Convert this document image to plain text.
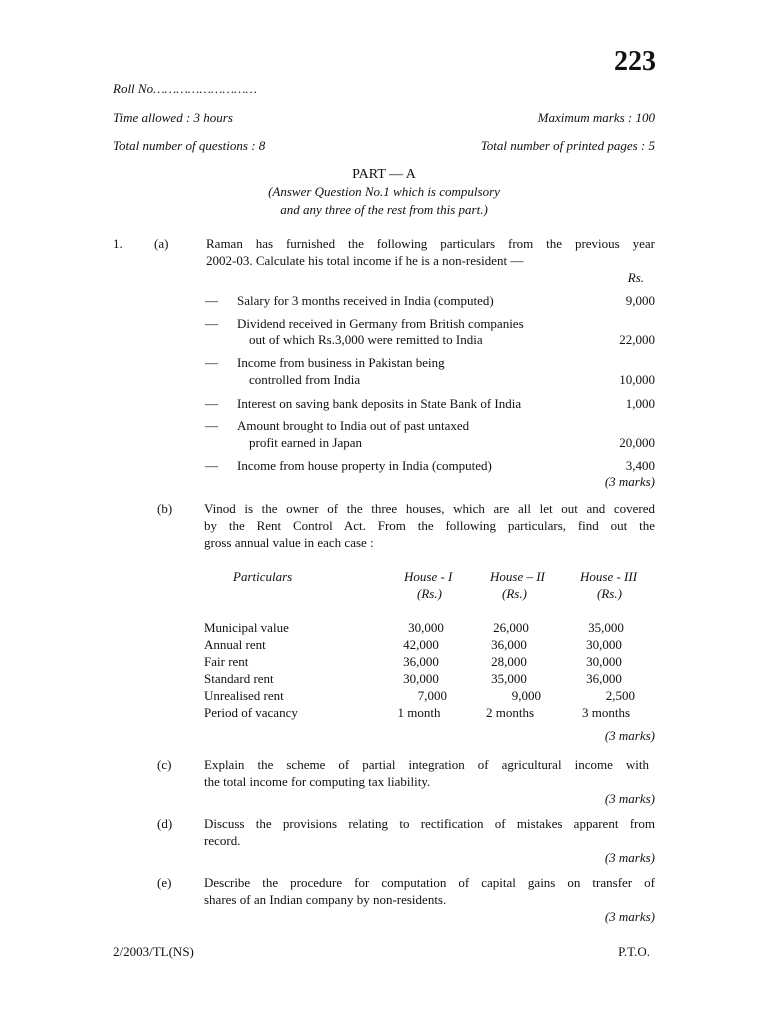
223
Roll No………………………
Time allowed : 3 hours	Maximum marks : 100
Total number of questions : 8	Total number of printed pages : 5
PART — A
(Answer Question No.1 which is compulsory
and any three of the rest from this part.)
1. (a)	Raman has furnished the following particulars from the previous year
2002-03. Calculate his total income if he is a non-resident —
Rs.
— Salary for 3 months received in India (computed)	9,000
— Dividend received in Germany from British companies
out of which Rs.3,000 were remitted to India	22,000
— Income from business in Pakistan being
controlled from India	10,000
— Interest on saving bank deposits in State Bank of India	1,000
— Amount brought to India out of past untaxed
profit earned in Japan	20,000
— Income from house property in India (computed)	3,400
(3 marks)
(b) Vinod is the owner of the three houses, which are all let out and covered
by the Rent Control Act. From the following particulars, find out the
gross annual value in each case :
Particulars	House - I	House – II	House - III
(Rs.)	(Rs.)	(Rs.)
Municipal value	30,000	26,000	35,000
Annual rent	42,000	36,000	30,000
Fair rent	36,000	28,000	30,000
Standard rent	30,000	35,000	36,000
Unrealised rent	7,000	9,000	2,500
Period of vacancy	1 month	2 months	3 months
(3 marks)
(c)	Explain the scheme of partial integration of agricultural income with
the total income for computing tax liability.
(3 marks)
(d) Discuss the provisions relating to rectification of mistakes apparent from
record.
(3 marks)
(e)	Describe the procedure for computation of capital gains on transfer of
shares of an Indian company by non-residents.
(3 marks)
2/2003/TL(NS)	P.T.O.
